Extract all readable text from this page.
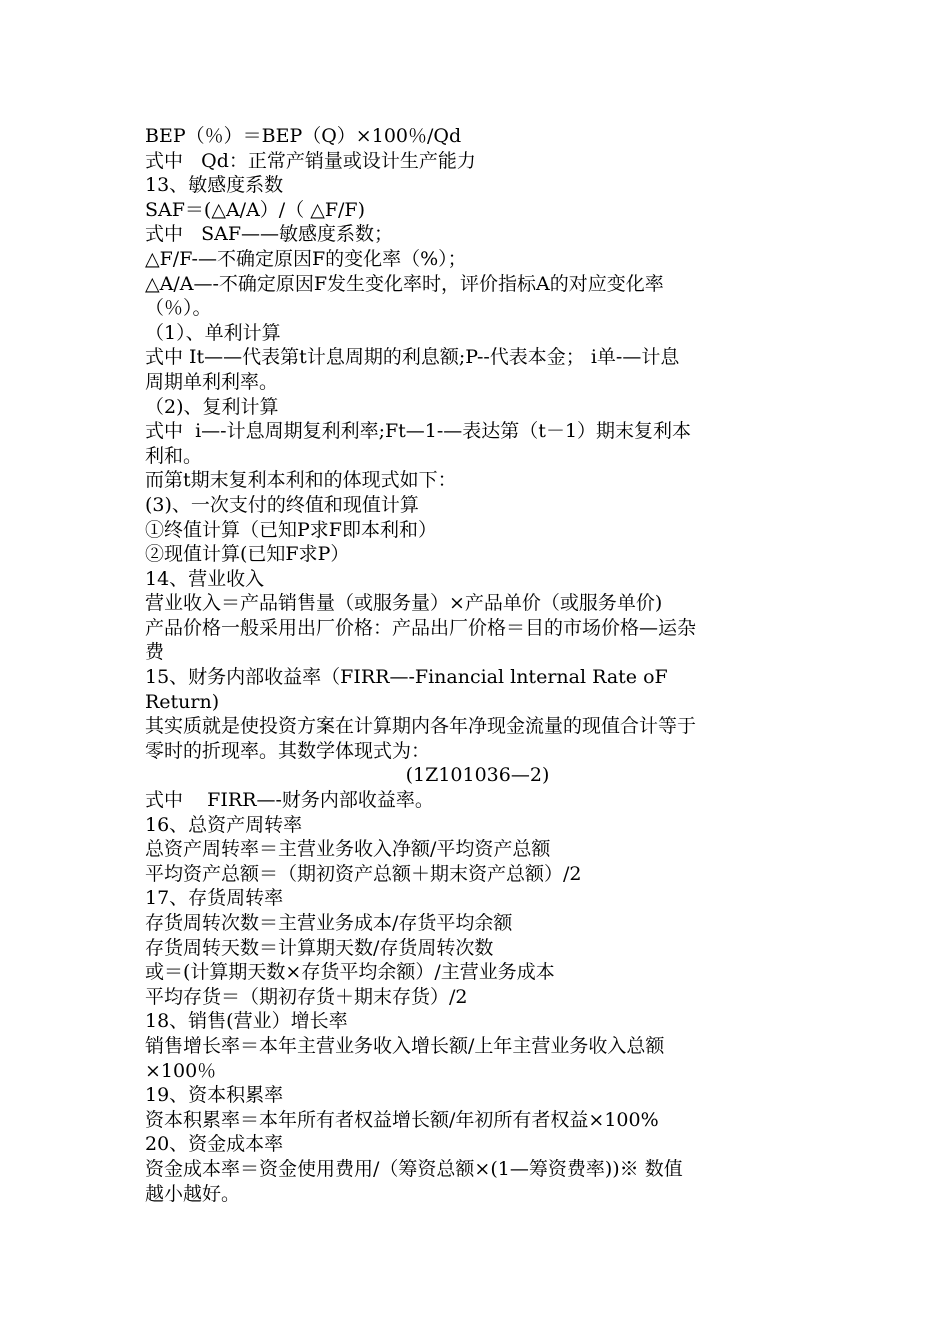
BEP（％）＝BEP（Q）×100％/Qd
式中   Qd：正常产销量或设计生产能力
13、敏感度系数
SAF＝(△A/A）/（ △F/F)
式中   SAF——敏感度系数；
△F/F-—不确定原因F的变化率（%）；
△A/A—-不确定原因F发生变化率时，评价指标A的对应变化率
（％）。
（1）、单利计算
式中 It——代表第t计息周期的利息额;P--代表本金； i单-—计息
周期单利利率。
（2)、复利计算
式中  i—-计息周期复利利率;Ft—1-—表达第（t－1）期末复利本
利和。
而第t期末复利本利和的体现式如下：
(3)、一次支付的终值和现值计算
①终值计算（已知P求F即本利和）
②现值计算(已知F求P）
14、营业收入
营业收入＝产品销售量（或服务量）×产品单价（或服务单价)
产品价格一般采用出厂价格：产品出厂价格＝目的市场价格—运杂
费
15、财务内部收益率（FIRR—-Financial lnternal Rate oF
Return)
其实质就是使投资方案在计算期内各年净现金流量的现值合计等于
零时的折现率。其数学体现式为：
(1Z101036—2)
式中    FIRR—-财务内部收益率。
16、总资产周转率
总资产周转率＝主营业务收入净额/平均资产总额
平均资产总额＝（期初资产总额＋期末资产总额）/2
17、存货周转率
存货周转次数＝主营业务成本/存货平均余额
存货周转天数＝计算期天数/存货周转次数
或＝(计算期天数×存货平均余额）/主营业务成本
平均存货＝（期初存货＋期末存货）/2
18、销售(营业）增长率
销售增长率＝本年主营业务收入增长额/上年主营业务收入总额
×100％
19、资本积累率
资本积累率＝本年所有者权益增长额/年初所有者权益×100%
20、资金成本率
资金成本率＝资金使用费用/（筹资总额×(1—筹资费率))※ 数值
越小越好。
